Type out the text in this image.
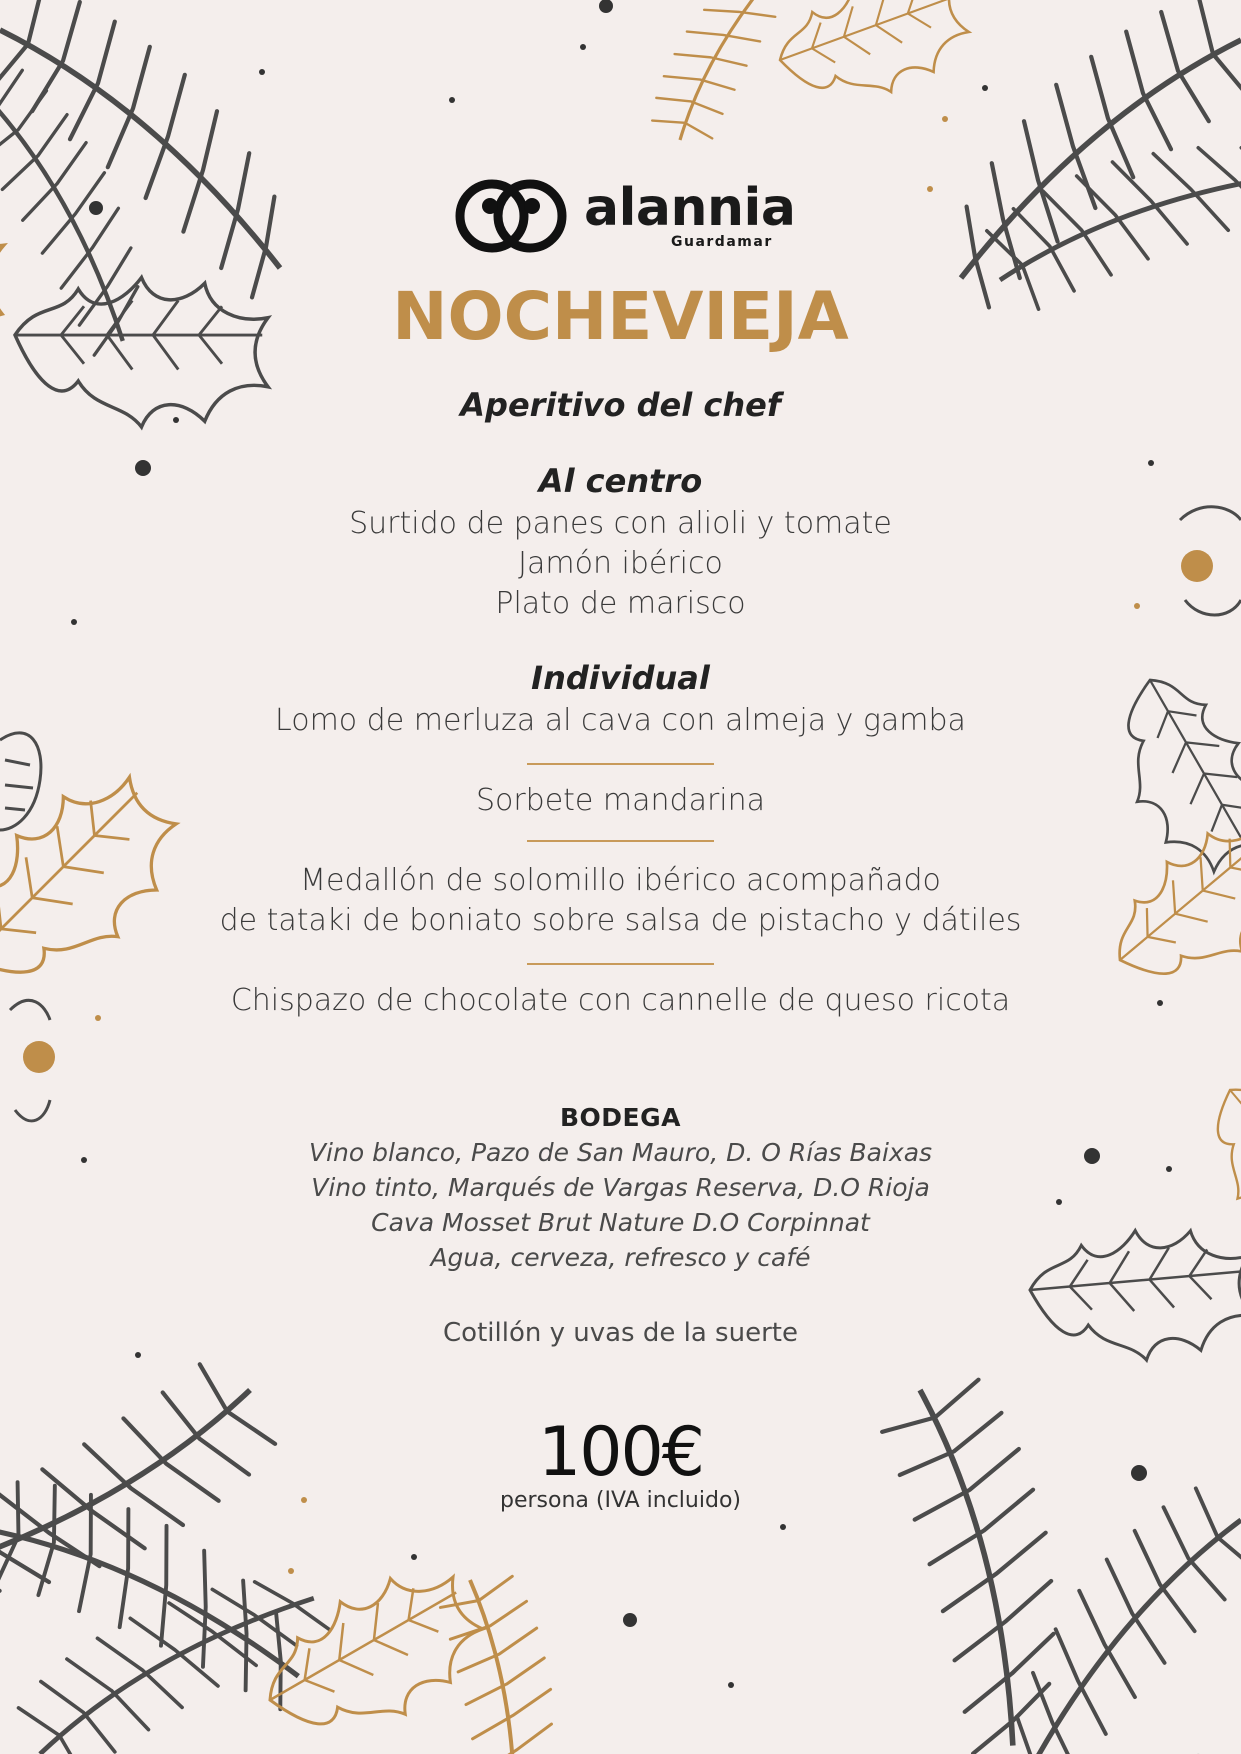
alannia
Guardamar
NOCHEVIEJA
Aperitivo del chef
Al centro
Surtido de panes con alioli y tomate
Jamón ibérico
Plato de marisco
Individual
Lomo de merluza al cava con almeja y gamba
Sorbete mandarina
Medallón de solomillo ibérico acompañado
de tataki de boniato sobre salsa de pistacho y dátiles
Chispazo de chocolate con cannelle de queso ricota
BODEGA
Vino blanco, Pazo de San Mauro, D. O Rías Baixas
Vino tinto, Marqués de Vargas Reserva, D.O Rioja
Cava Mosset Brut Nature D.O Corpinnat
Agua, cerveza, refresco y café
Cotillón y uvas de la suerte
100€
persona (IVA incluido)
